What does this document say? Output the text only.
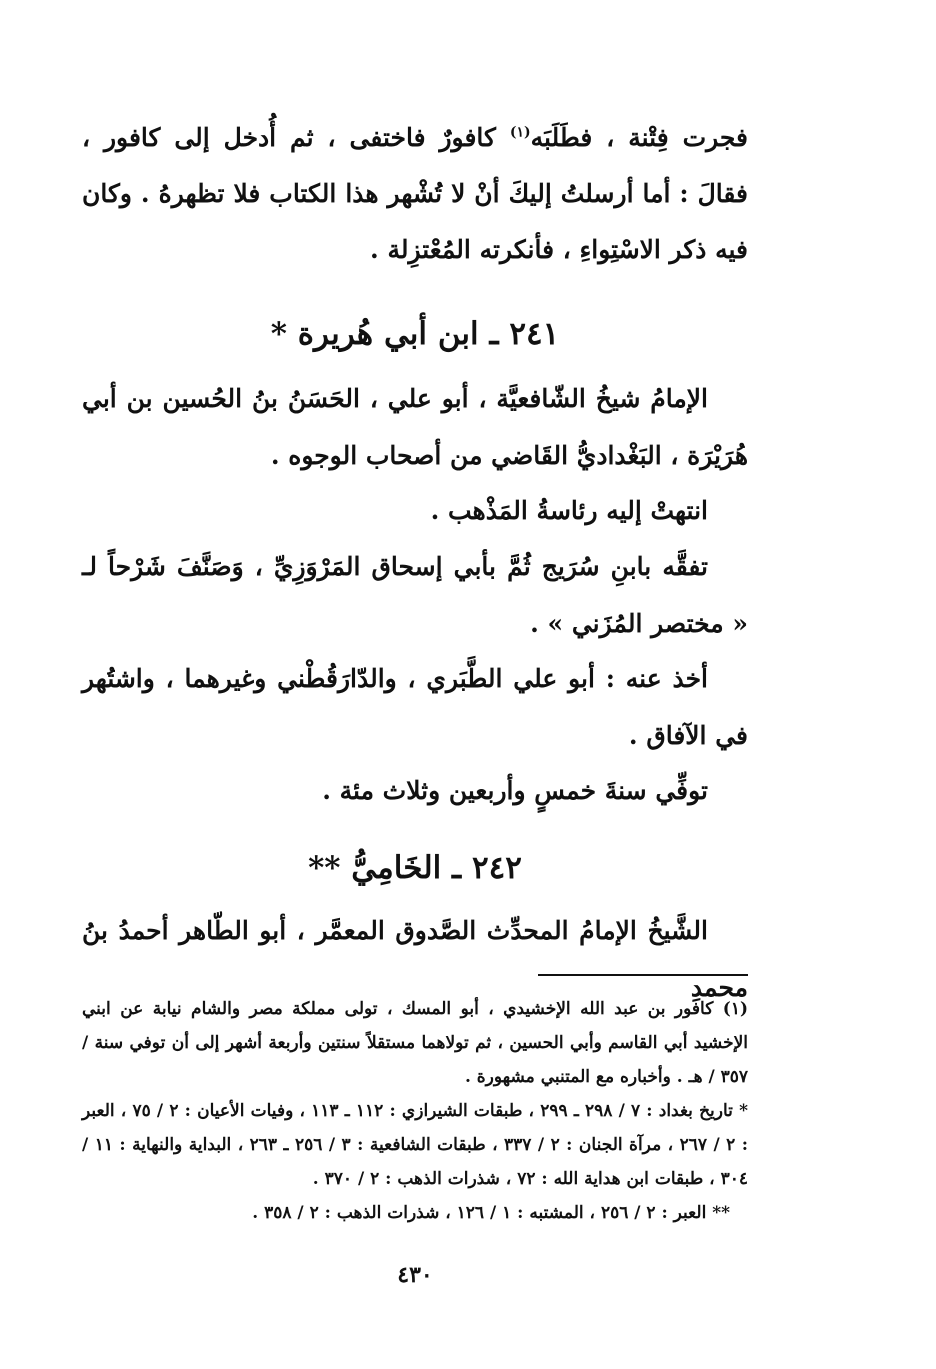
فجرت فِتْنة ، فطَلَبَه$^{(١)}$ كافورٌ فاختفى ، ثم أُدخل إلى كافور ، فقالَ : أما أرسلتُ إليكَ أنْ لا تُشْهر هذا الكتاب فلا تظهرهُ . وكان فيه ذكر الاسْتِواءِ ، فأنكرته المُعْتزِلة .

٢٤١ ـ ابن أبي هُريرة *

الإمامُ شيخُ الشّافعيَّة ، أبو علي ، الحَسَنُ بنُ الحُسين بن أبي هُرَيْرَة ، البَغْداديُّ القَاضي من أصحاب الوجوه .

انتهتْ إليه رئاسةُ المَذْهب .

تفقَّه بابنِ سُرَيج ثُمَّ بأبي إسحاق المَرْوَزِيِّ ، وَصَنَّفَ شَرْحاً لـ « مختصر المُزَني » .

أخذ عنه : أبو علي الطَّبَري ، والدّارَقُطْني وغيرهما ، واشتُهر في الآفاق .

توفِّي سنةَ خمسٍ وأربعين وثلاث مئة .

٢٤٢ ـ الخَامِيُّ **

الشَّيخُ الإمامُ المحدِّث الصَّدوق المعمَّر ، أبو الطّاهر أحمدُ بنُ محمدِ

(١) كافور بن عبد الله الإخشيدي ، أبو المسك ، تولى مملكة مصر والشام نيابة عن ابني الإخشيد أبي القاسم وأبي الحسين ، ثم تولاهما مستقلاً سنتين وأربعة أشهر إلى أن توفي سنة / ٣٥٧ / هـ . وأخباره مع المتنبي مشهورة .

* تاريخ بغداد : ٧ / ٢٩٨ ـ ٢٩٩ ، طبقات الشيرازي : ١١٢ ـ ١١٣ ، وفيات الأعيان : ٢ / ٧٥ ، العبر : ٢ / ٢٦٧ ، مرآة الجنان : ٢ / ٣٣٧ ، طبقات الشافعية : ٣ / ٢٥٦ ـ ٢٦٣ ، البداية والنهاية : ١١ / ٣٠٤ ، طبقات ابن هداية الله : ٧٢ ، شذرات الذهب : ٢ / ٣٧٠ .

** العبر : ٢ / ٢٥٦ ، المشتبه : ١ / ١٢٦ ، شذرات الذهب : ٢ / ٣٥٨ .

٤٣٠
